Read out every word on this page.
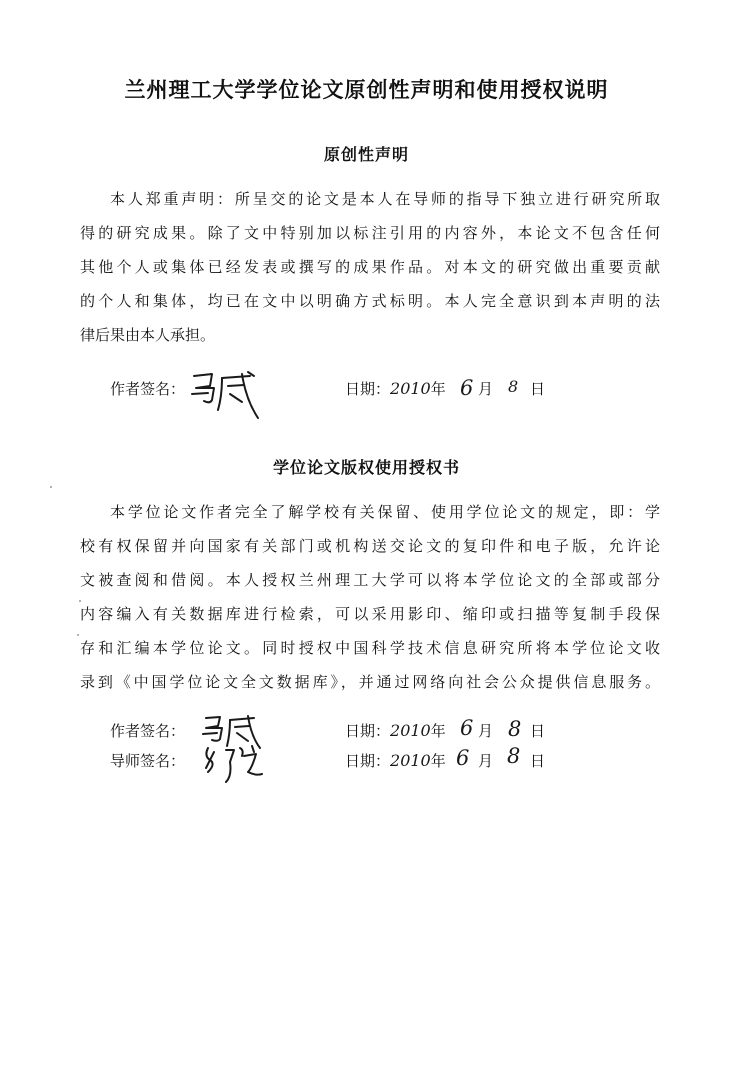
兰州理工大学学位论文原创性声明和使用授权说明
原创性声明
本人郑重声明：所呈交的论文是本人在导师的指导下独立进行研究所取
得的研究成果。除了文中特别加以标注引用的内容外，本论文不包含任何
其他个人或集体已经发表或撰写的成果作品。对本文的研究做出重要贡献
的个人和集体，均已在文中以明确方式标明。本人完全意识到本声明的法
律后果由本人承担。
作者签名：	日期：2010年 6 月 8 日
学位论文版权使用授权书
本学位论文作者完全了解学校有关保留、使用学位论文的规定，即：学
校有权保留并向国家有关部门或机构送交论文的复印件和电子版，允许论
文被查阅和借阅。本人授权兰州理工大学可以将本学位论文的全部或部分
内容编入有关数据库进行检索，可以采用影印、缩印或扫描等复制手段保
存和汇编本学位论文。同时授权中国科学技术信息研究所将本学位论文收
录到《中国学位论文全文数据库》，并通过网络向社会公众提供信息服务。
作者签名：	日期：2010年 6 月 8 日
导师签名：	日期：2010年 6 月 8 日
